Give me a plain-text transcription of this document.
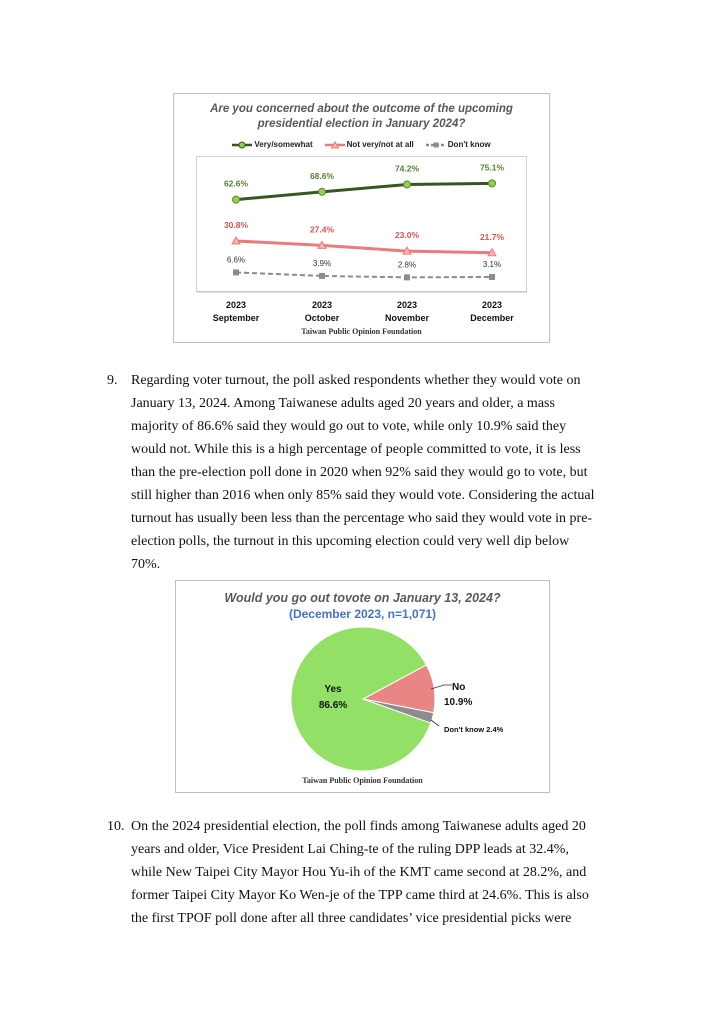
Are you concerned about the outcome of the upcoming
presidential election in January 2024?
Very/somewhat	Not very/not at all	Don't know
62.6%
68.6%
74.2%	75.1%
30.8%	27.4%
23.0%	21.7%
6.6%	3.9%	2.8%	3.1%
2023
September
2023
October
2023
November
2023
December
Taiwan Public Opinion Foundation
9. Regarding voter turnout, the poll asked respondents whether they would vote on
January 13, 2024. Among Taiwanese adults aged 20 years and older, a mass
majority of 86.6% said they would go out to vote, while only 10.9% said they
would not. While this is a high percentage of people committed to vote, it is less
than the pre-election poll done in 2020 when 92% said they would go to vote, but
still higher than 2016 when only 85% said they would vote. Considering the actual
turnout has usually been less than the percentage who said they would vote in pre-
election polls, the turnout in this upcoming election could very well dip below
70%.
Would you go out tovote on January 13, 2024?
(December 2023, n=1,071)
Yes
86.6%
No
10.9%
Don't know 2.4%
Taiwan Public Opinion Foundation
10. On the 2024 presidential election, the poll finds among Taiwanese adults aged 20
years and older, Vice President Lai Ching-te of the ruling DPP leads at 32.4%,
while New Taipei City Mayor Hou Yu-ih of the KMT came second at 28.2%, and
former Taipei City Mayor Ko Wen-je of the TPP came third at 24.6%. This is also
the first TPOF poll done after all three candidates’ vice presidential picks were
